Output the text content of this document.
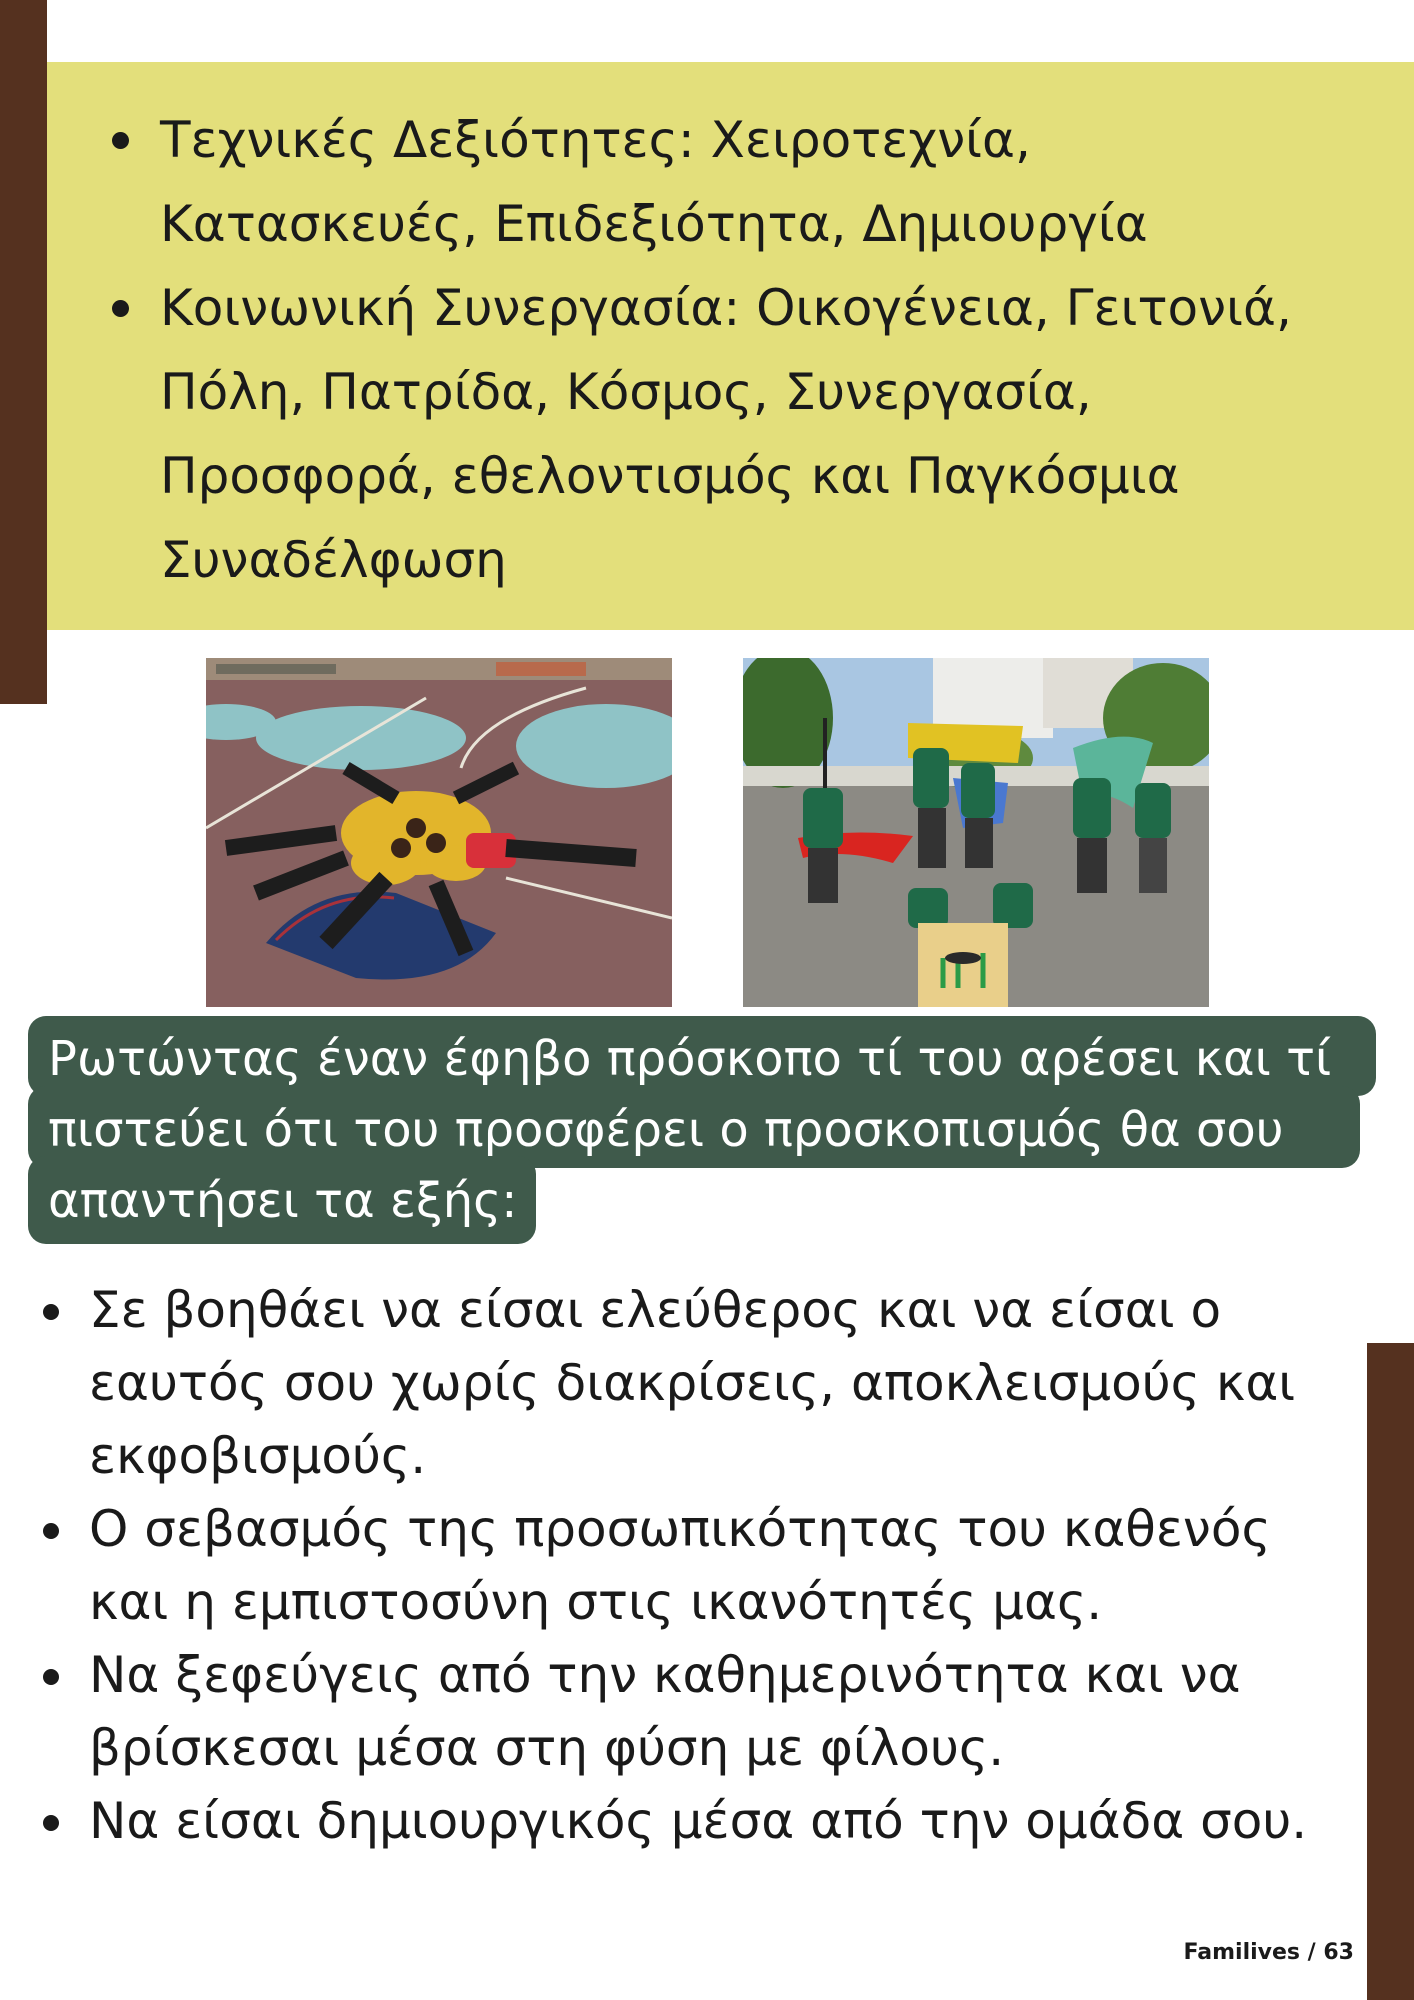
Τεχνικές Δεξιότητες: Χειροτεχνία, Κατασκευές, Επιδεξιότητα, Δημιουργία
Κοινωνική Συνεργασία: Οικογένεια, Γειτονιά, Πόλη, Πατρίδα, Κόσμος, Συνεργασία, Προσφορά, εθελοντισμός και Παγκόσμια Συναδέλφωση
Ρωτώντας έναν έφηβο πρόσκοπο τί του αρέσει και τί
πιστεύει ότι του προσφέρει ο προσκοπισμός θα σου
απαντήσει τα εξής:
Σε βοηθάει να είσαι ελεύθερος και να είσαι ο εαυτός σου χωρίς διακρίσεις, αποκλεισμούς και εκφοβισμούς.
Ο σεβασμός της προσωπικότητας του καθενός και η εμπιστοσύνη στις ικανότητές μας.
Να ξεφεύγεις από την καθημερινότητα και να βρίσκεσαι μέσα στη φύση με φίλους.
Να είσαι δημιουργικός μέσα από την ομάδα σου.
Familives / 63
